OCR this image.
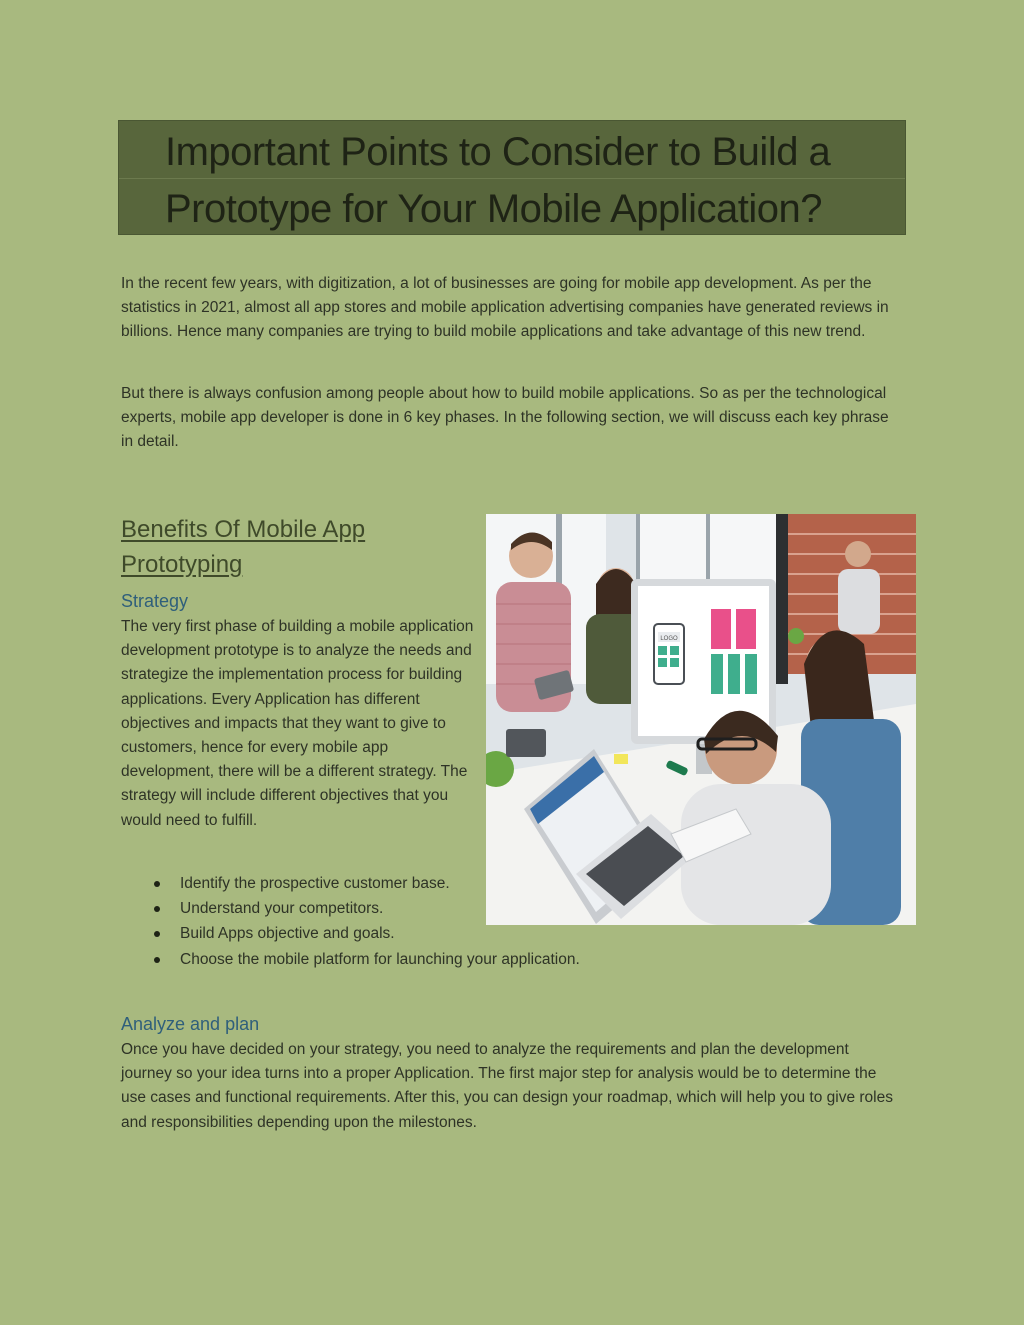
Important Points to Consider to Build a
Prototype for Your Mobile Application?

In the recent few years, with digitization, a lot of businesses are going for mobile app development. As per the statistics in 2021, almost all app stores and mobile application advertising companies have generated reviews in billions. Hence many companies are trying to build mobile applications and take advantage of this new trend.

But there is always confusion among people about how to build mobile applications. So as per the technological experts, mobile app developer is done in 6 key phases. In the following section, we will discuss each key phrase in detail.

Benefits Of Mobile App Prototyping
Strategy

The very first phase of building a mobile application development prototype is to analyze the needs and strategize the implementation process for building applications. Every Application has different objectives and impacts that they want to give to customers, hence for every mobile app development, there will be a different strategy. The strategy will include different objectives that you would need to fulfill.

Identify the prospective customer base.
Understand your competitors.
Build Apps objective and goals.
Choose the mobile platform for launching your application.
Analyze and plan

Once you have decided on your strategy, you need to analyze the requirements and plan the development journey so your idea turns into a proper Application. The first major step for analysis would be to determine the use cases and functional requirements. After this, you can design your roadmap, which will help you to give roles and responsibilities depending upon the milestones.

LOGO
